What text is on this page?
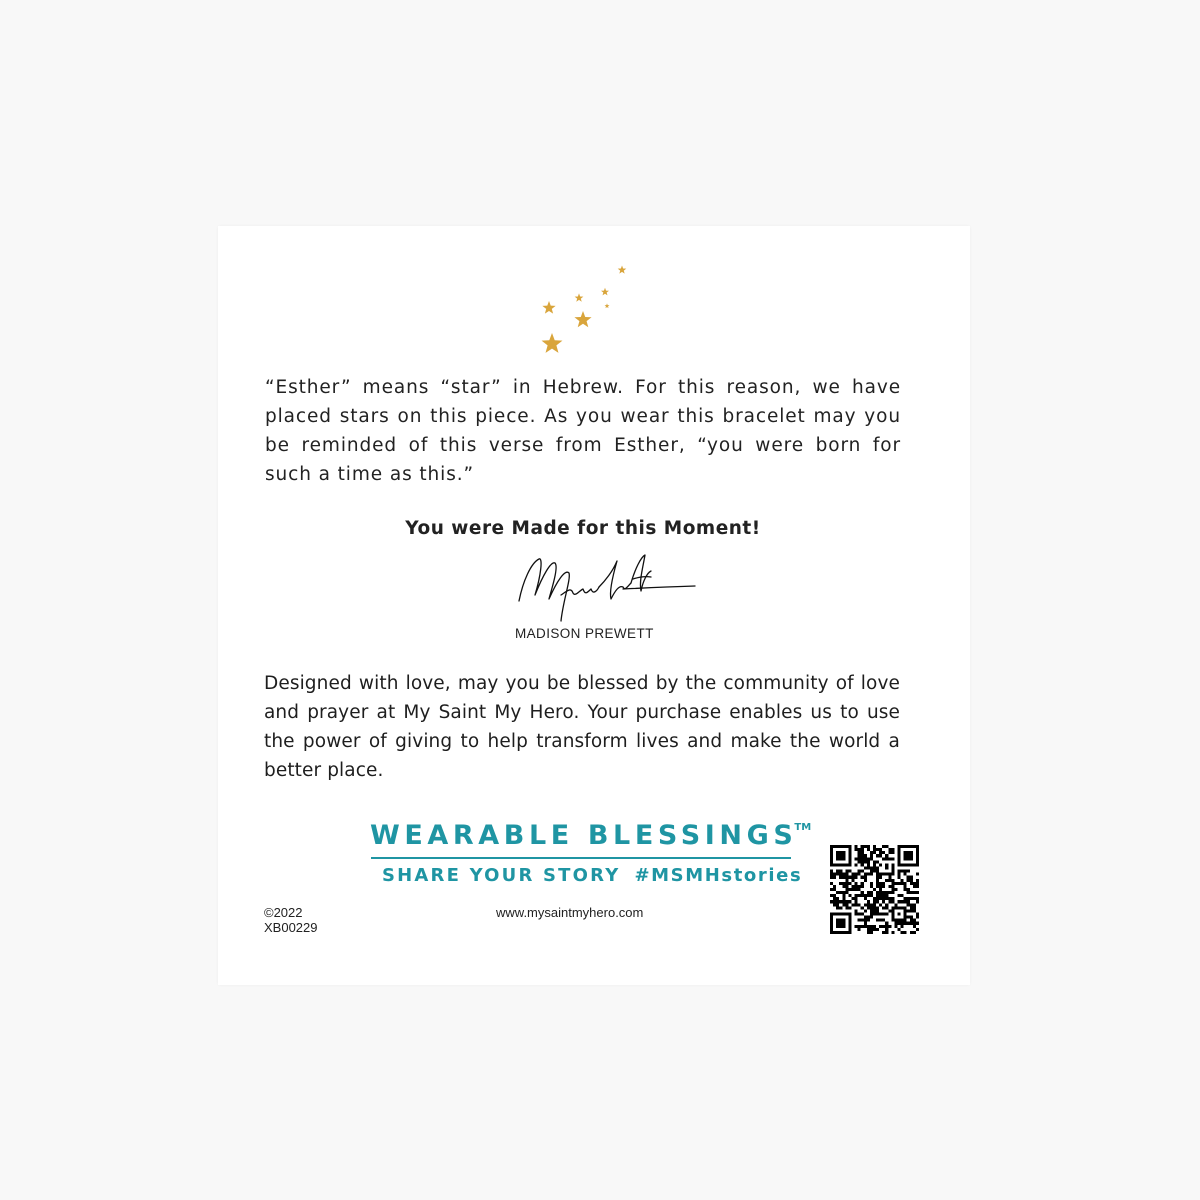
“Esther” means “star” in Hebrew. For this reason, we have placed stars on this piece. As you wear this bracelet may you be reminded of this verse from Esther, “you were born for such a time as this.”

You were Made for this Moment!
MADISON PREWETT

Designed with love, may you be blessed by the community of love and prayer at My Saint My Hero. Your purchase enables us to use the power of giving to help transform lives and make the world a better place.

WEARABLE BLESSINGS™
SHARE YOUR STORY #MSMHstories
©2022
XB00229
www.mysaintmyhero.com
